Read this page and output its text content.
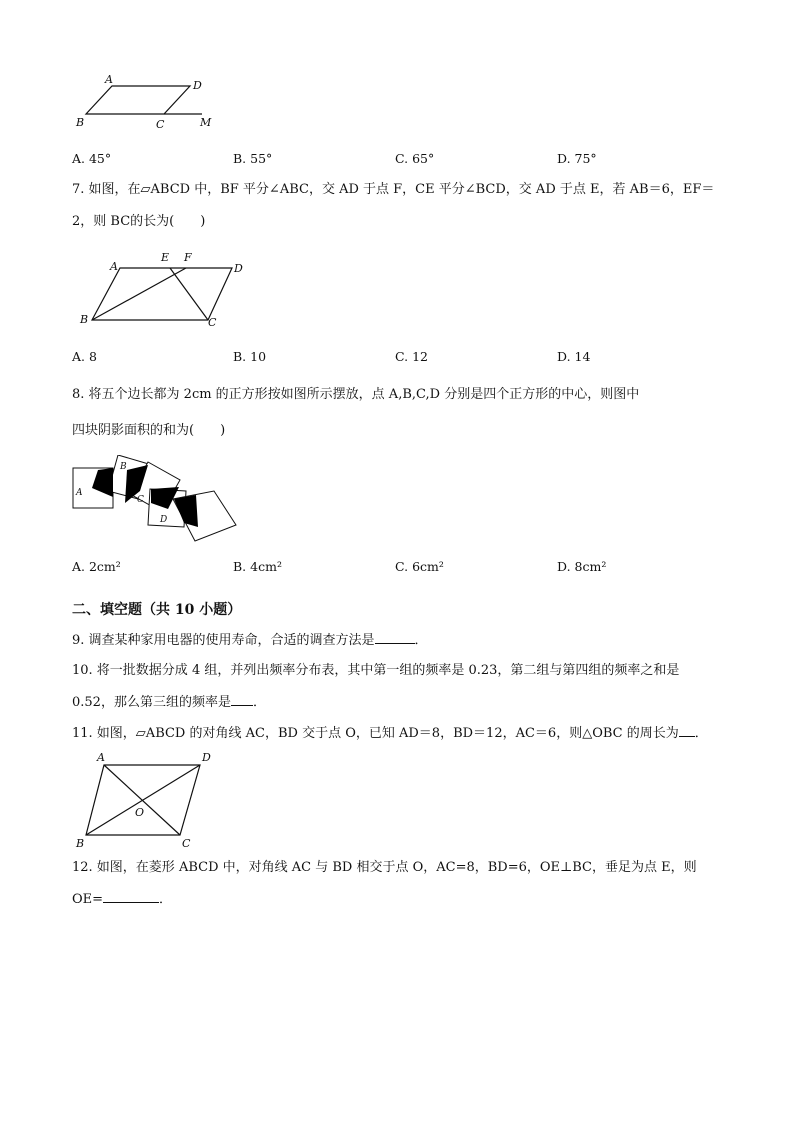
A	D
B	C	M
A. 45°	B. 55°	C. 65°	D. 75°
7. 如图，在▱ABCD 中，BF 平分∠ABC，交 AD 于点 F，CE 平分∠BCD，交 AD 于点 E，若 AB＝6，EF＝
2，则 BC的长为(　　)
A
E F
D
B	C
A. 8	B. 10	C. 12	D. 14
8. 将五个边长都为 2cm 的正方形按如图所示摆放，点 A,B,C,D 分别是四个正方形的中心，则图中
四块阴影面积的和为(　　)
A
B
C
D
A. 2cm²	B. 4cm²	C. 6cm²	D. 8cm²
二、填空题（共 10 小题）
9. 调查某种家用电器的使用寿命，合适的调查方法是	．
10. 将一批数据分成 4 组，并列出频率分布表，其中第一组的频率是 0.23，第二组与第四组的频率之和是
0.52，那么第三组的频率是 ．
11. 如图，▱ABCD 的对角线 AC，BD 交于点 O，已知 AD＝8，BD＝12，AC＝6，则△OBC 的周长为 ．
A	D
O
B	C
12. 如图，在菱形 ABCD 中，对角线 AC 与 BD 相交于点 O，AC=8，BD=6，OE⊥BC，垂足为点 E，则
OE=	．
